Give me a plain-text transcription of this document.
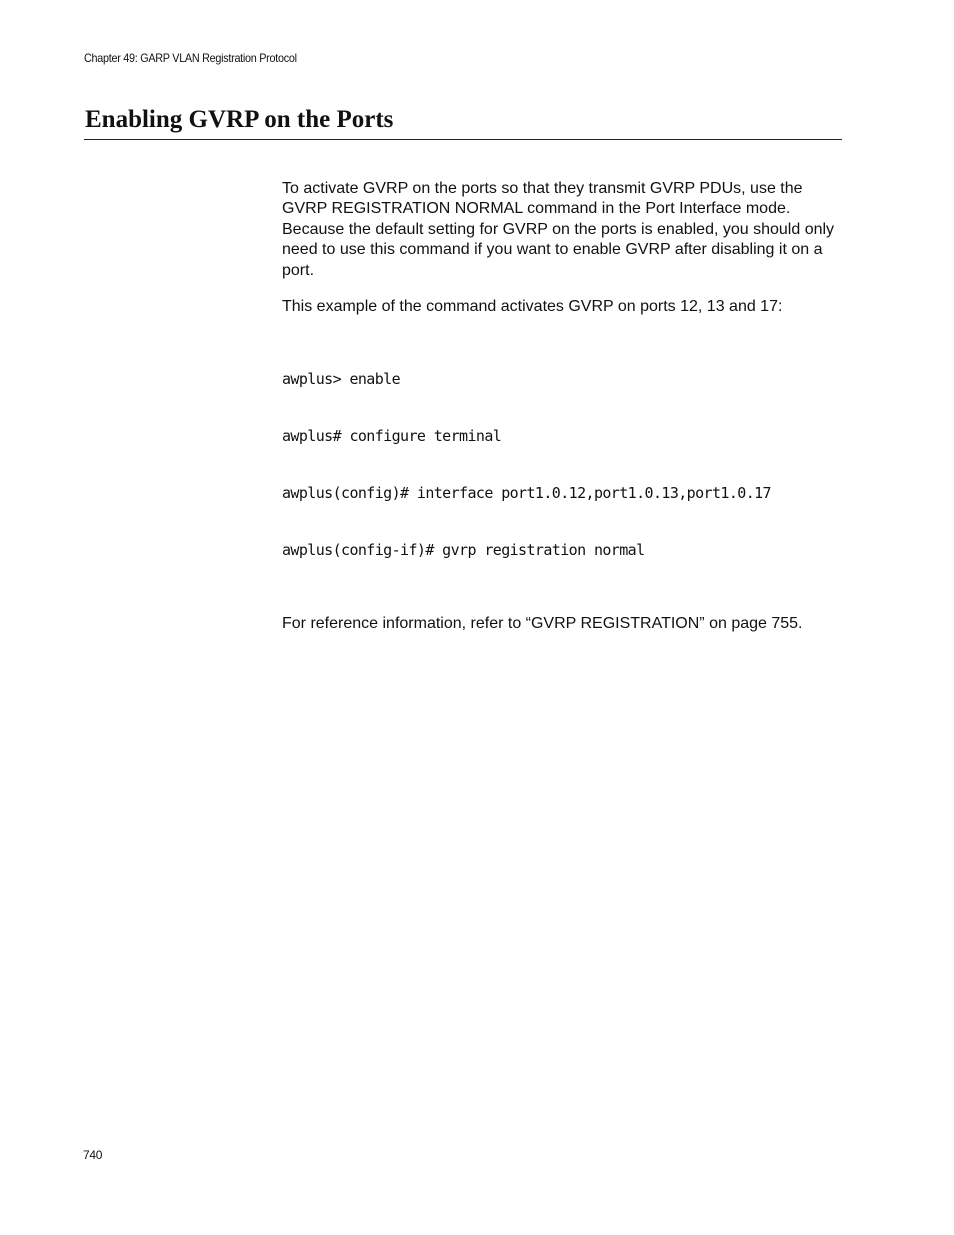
Chapter 49: GARP VLAN Registration Protocol
Enabling GVRP on the Ports

To activate GVRP on the ports so that they transmit GVRP PDUs, use the GVRP REGISTRATION NORMAL command in the Port Interface mode. Because the default setting for GVRP on the ports is enabled, you should only need to use this command if you want to enable GVRP after disabling it on a port.

This example of the command activates GVRP on ports 12, 13 and 17:

awplus> enable

awplus# configure terminal

awplus(config)# interface port1.0.12,port1.0.13,port1.0.17

awplus(config-if)# gvrp registration normal

For reference information, refer to “GVRP REGISTRATION” on page 755.

740
